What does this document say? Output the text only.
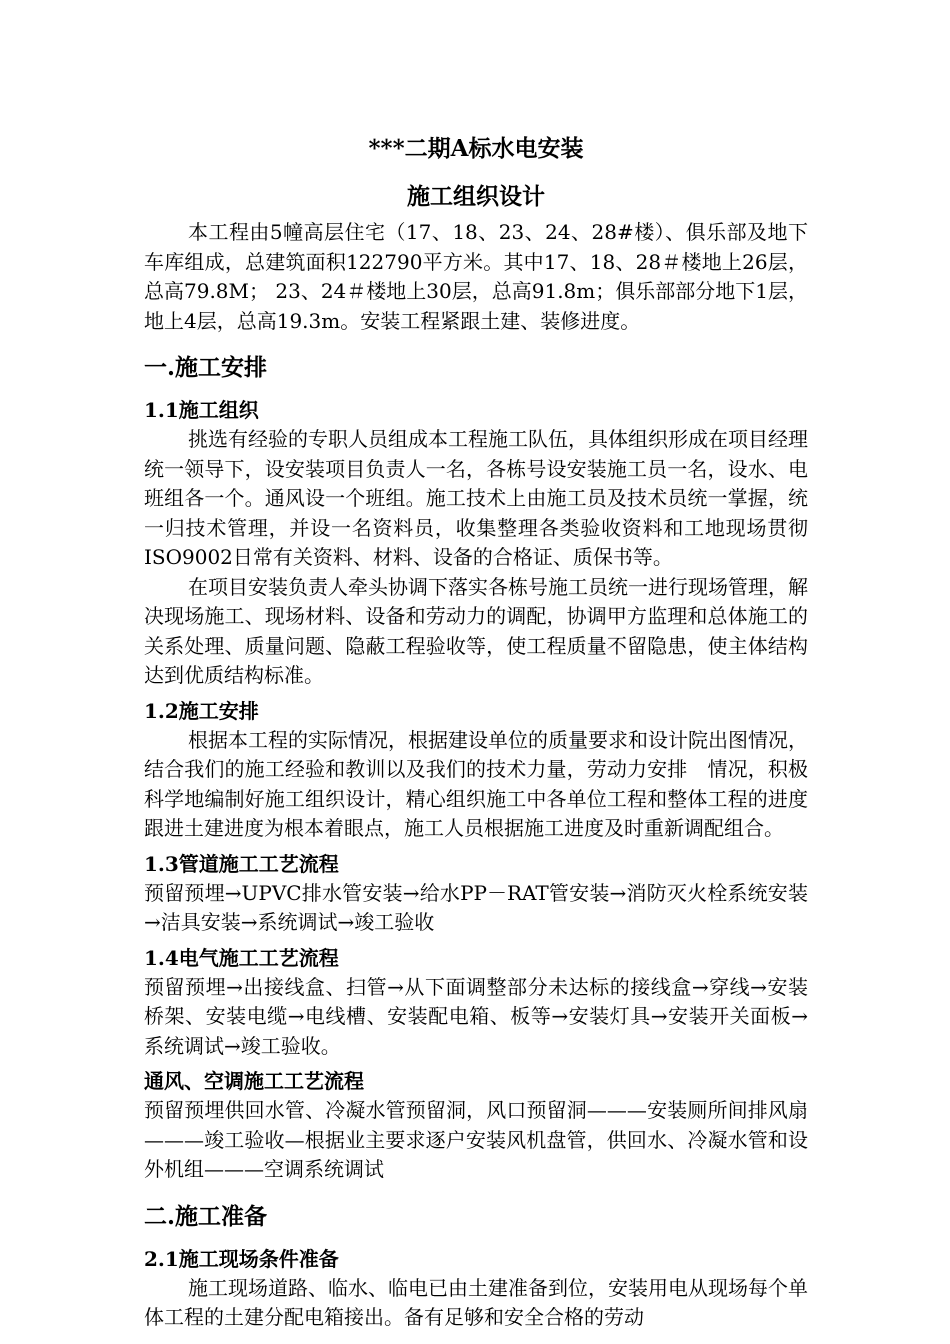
***二期A标水电安装
施工组织设计

本工程由5幢高层住宅（17、18、23、24、28#楼）、俱乐部及地下车库组成，总建筑面积122790平方米。其中17、18、28＃楼地上26层，总高79.8M； 23、24＃楼地上30层，总高91.8m；俱乐部部分地下1层，地上4层，总高19.3m。安装工程紧跟土建、装修进度。

一.施工安排
1.1施工组织

挑选有经验的专职人员组成本工程施工队伍，具体组织形成在项目经理统一领导下，设安装项目负责人一名，各栋号设安装施工员一名，设水、电班组各一个。通风设一个班组。施工技术上由施工员及技术员统一掌握，统一归技术管理，并设一名资料员，收集整理各类验收资料和工地现场贯彻ISO9002日常有关资料、材料、设备的合格证、质保书等。

在项目安装负责人牵头协调下落实各栋号施工员统一进行现场管理，解决现场施工、现场材料、设备和劳动力的调配，协调甲方监理和总体施工的关系处理、质量问题、隐蔽工程验收等，使工程质量不留隐患，使主体结构达到优质结构标准。

1.2施工安排

根据本工程的实际情况，根据建设单位的质量要求和设计院出图情况，结合我们的施工经验和教训以及我们的技术力量，劳动力安排　情况，积极科学地编制好施工组织设计，精心组织施工中各单位工程和整体工程的进度跟进土建进度为根本着眼点，施工人员根据施工进度及时重新调配组合。

1.3管道施工工艺流程

预留预埋→UPVC排水管安装→给水PP－RAT管安装→消防灭火栓系统安装→洁具安装→系统调试→竣工验收

1.4电气施工工艺流程

预留预埋→出接线盒、扫管→从下面调整部分未达标的接线盒→穿线→安装桥架、安装电缆→电线槽、安装配电箱、板等→安装灯具→安装开关面板→系统调试→竣工验收。

通风、空调施工工艺流程

预留预埋供回水管、冷凝水管预留洞，风口预留洞———安装厕所间排风扇———竣工验收—根据业主要求逐户安装风机盘管，供回水、冷凝水管和设外机组———空调系统调试

二.施工准备
2.1施工现场条件准备

施工现场道路、临水、临电已由土建准备到位，安装用电从现场每个单体工程的土建分配电箱接出。备有足够和安全合格的劳动
